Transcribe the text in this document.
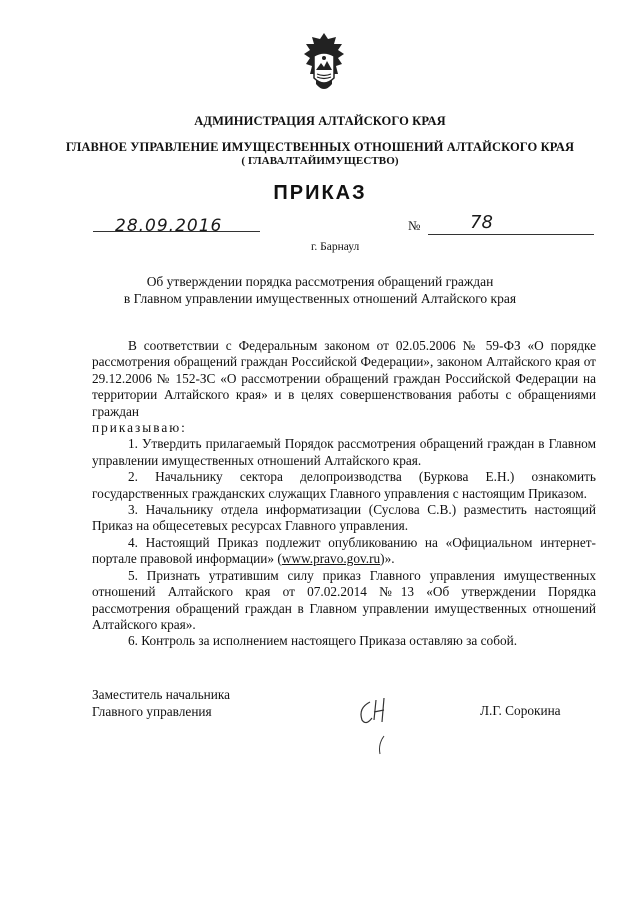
АДМИНИСТРАЦИЯ АЛТАЙСКОГО КРАЯ
ГЛАВНОЕ УПРАВЛЕНИЕ ИМУЩЕСТВЕННЫХ ОТНОШЕНИЙ АЛТАЙСКОГО КРАЯ
( ГЛАВАЛТАЙИМУЩЕСТВО)
ПРИКАЗ
28.09.2016	№	78
г. Барнаул
Об утверждении порядка рассмотрения обращений граждан
в Главном управлении имущественных отношений Алтайского края

В соответствии с Федеральным законом от 02.05.2006 № 59-ФЗ «О порядке рассмотрения обращений граждан Российской Федерации», законом Алтайского края от 29.12.2006 № 152-ЗС «О рассмотрении обращений граждан Российской Федерации на территории Алтайского края» и в целях совершенствования работы с обращениями граждан

приказываю:

1. Утвердить прилагаемый Порядок рассмотрения обращений граждан в Главном управлении имущественных отношений Алтайского края.

2. Начальнику сектора делопроизводства (Буркова Е.Н.) ознакомить государственных гражданских служащих Главного управления с настоящим Приказом.

3. Начальнику отдела информатизации (Суслова С.В.) разместить настоящий Приказ на общесетевых ресурсах Главного управления.

4. Настоящий Приказ подлежит опубликованию на «Официальном интернет-портале правовой информации» (www.pravo.gov.ru)».

5. Признать утратившим силу приказ Главного управления имущественных отношений Алтайского края от 07.02.2014 №13 «Об утверждении Порядка рассмотрения обращений граждан в Главном управлении имущественных отношений Алтайского края».

6. Контроль за исполнением настоящего Приказа оставляю за собой.

Заместитель начальника
Главного управления	Л.Г. Сорокина
